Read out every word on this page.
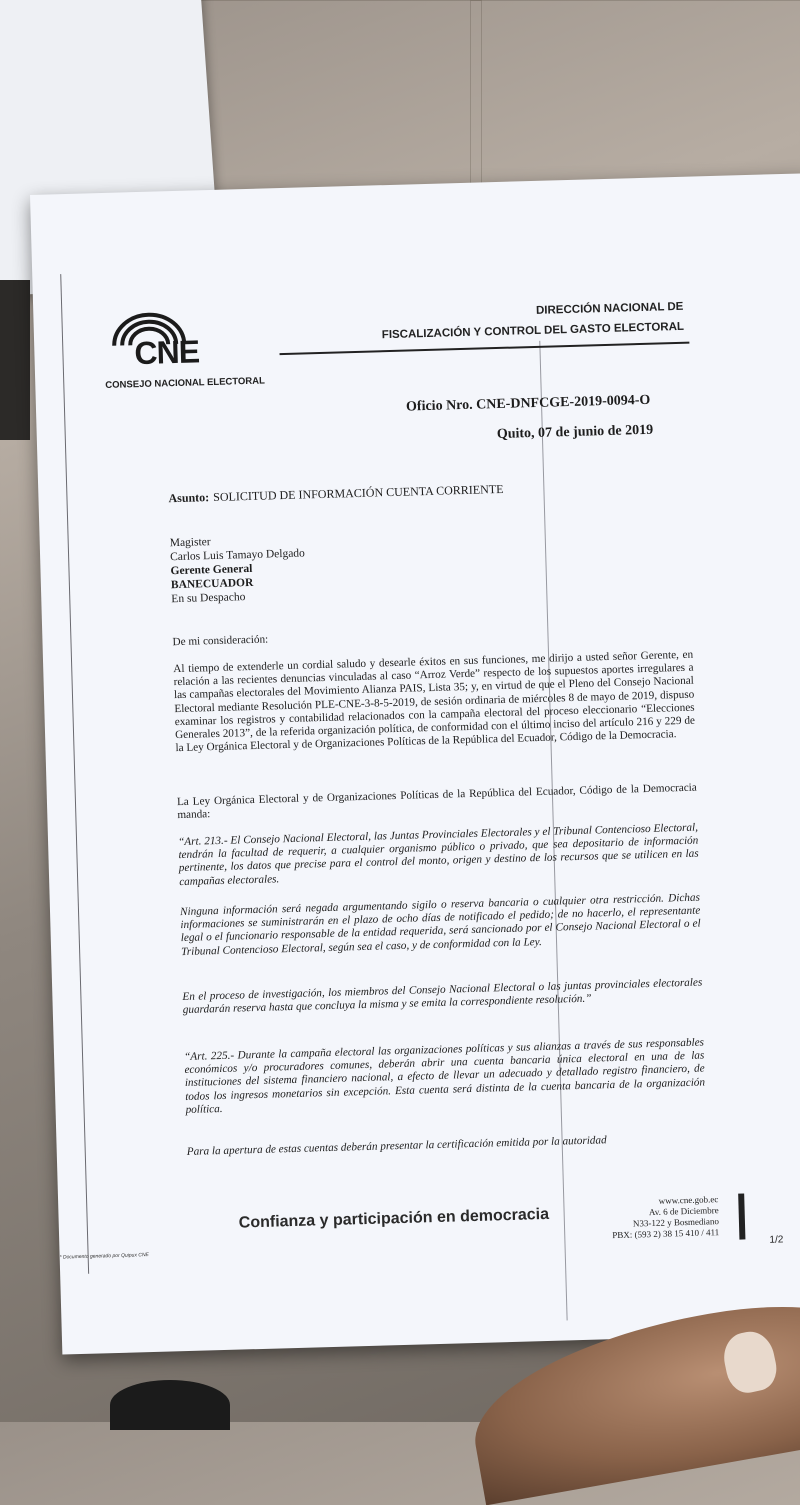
CNE
CONSEJO NACIONAL ELECTORAL
DIRECCIÓN NACIONAL DE
FISCALIZACIÓN Y CONTROL DEL GASTO ELECTORAL
Oficio Nro. CNE-DNFCGE-2019-0094-O
Quito, 07 de junio de 2019
Asunto: SOLICITUD DE INFORMACIÓN CUENTA CORRIENTE
Magister
Carlos Luis Tamayo Delgado
Gerente General
BANECUADOR
En su Despacho
De mi consideración:
Al tiempo de extenderle un cordial saludo y desearle éxitos en sus funciones, me dirijo a usted señor Gerente, en relación a las recientes denuncias vinculadas al caso “Arroz Verde” respecto de los supuestos aportes irregulares a las campañas electorales del Movimiento Alianza PAIS, Lista 35; y, en virtud de que el Pleno del Consejo Nacional Electoral mediante Resolución PLE-CNE-3-8-5-2019, de sesión ordinaria de miércoles 8 de mayo de 2019, dispuso examinar los registros y contabilidad relacionados con la campaña electoral del proceso eleccionario “Elecciones Generales 2013”, de la referida organización política, de conformidad con el último inciso del artículo 216 y 229 de la Ley Orgánica Electoral y de Organizaciones Políticas de la República del Ecuador, Código de la Democracia.
La Ley Orgánica Electoral y de Organizaciones Políticas de la República del Ecuador, Código de la Democracia manda:
“Art. 213.- El Consejo Nacional Electoral, las Juntas Provinciales Electorales y el Tribunal Contencioso Electoral, tendrán la facultad de requerir, a cualquier organismo público o privado, que sea depositario de información pertinente, los datos que precise para el control del monto, origen y destino de los recursos que se utilicen en las campañas electorales.
Ninguna información será negada argumentando sigilo o reserva bancaria o cualquier otra restricción. Dichas informaciones se suministrarán en el plazo de ocho días de notificado el pedido; de no hacerlo, el representante legal o el funcionario responsable de la entidad requerida, será sancionado por el Consejo Nacional Electoral o el Tribunal Contencioso Electoral, según sea el caso, y de conformidad con la Ley.
En el proceso de investigación, los miembros del Consejo Nacional Electoral o las juntas provinciales electorales guardarán reserva hasta que concluya la misma y se emita la correspondiente resolución.”
“Art. 225.- Durante la campaña electoral las organizaciones políticas y sus alianzas a través de sus responsables económicos y/o procuradores comunes, deberán abrir una cuenta bancaria única electoral en una de las instituciones del sistema financiero nacional, a efecto de llevar un adecuado y detallado registro financiero, de todos los ingresos monetarios sin excepción. Esta cuenta será distinta de la cuenta bancaria de la organización política.
Para la apertura de estas cuentas deberán presentar la certificación emitida por la autoridad
Confianza y participación en democracia
www.cne.gob.ec
Av. 6 de Diciembre
N33-122 y Bosmediano
PBX: (593 2) 38 15 410 / 411
* Documento generado por Quipux CNE
1/2
